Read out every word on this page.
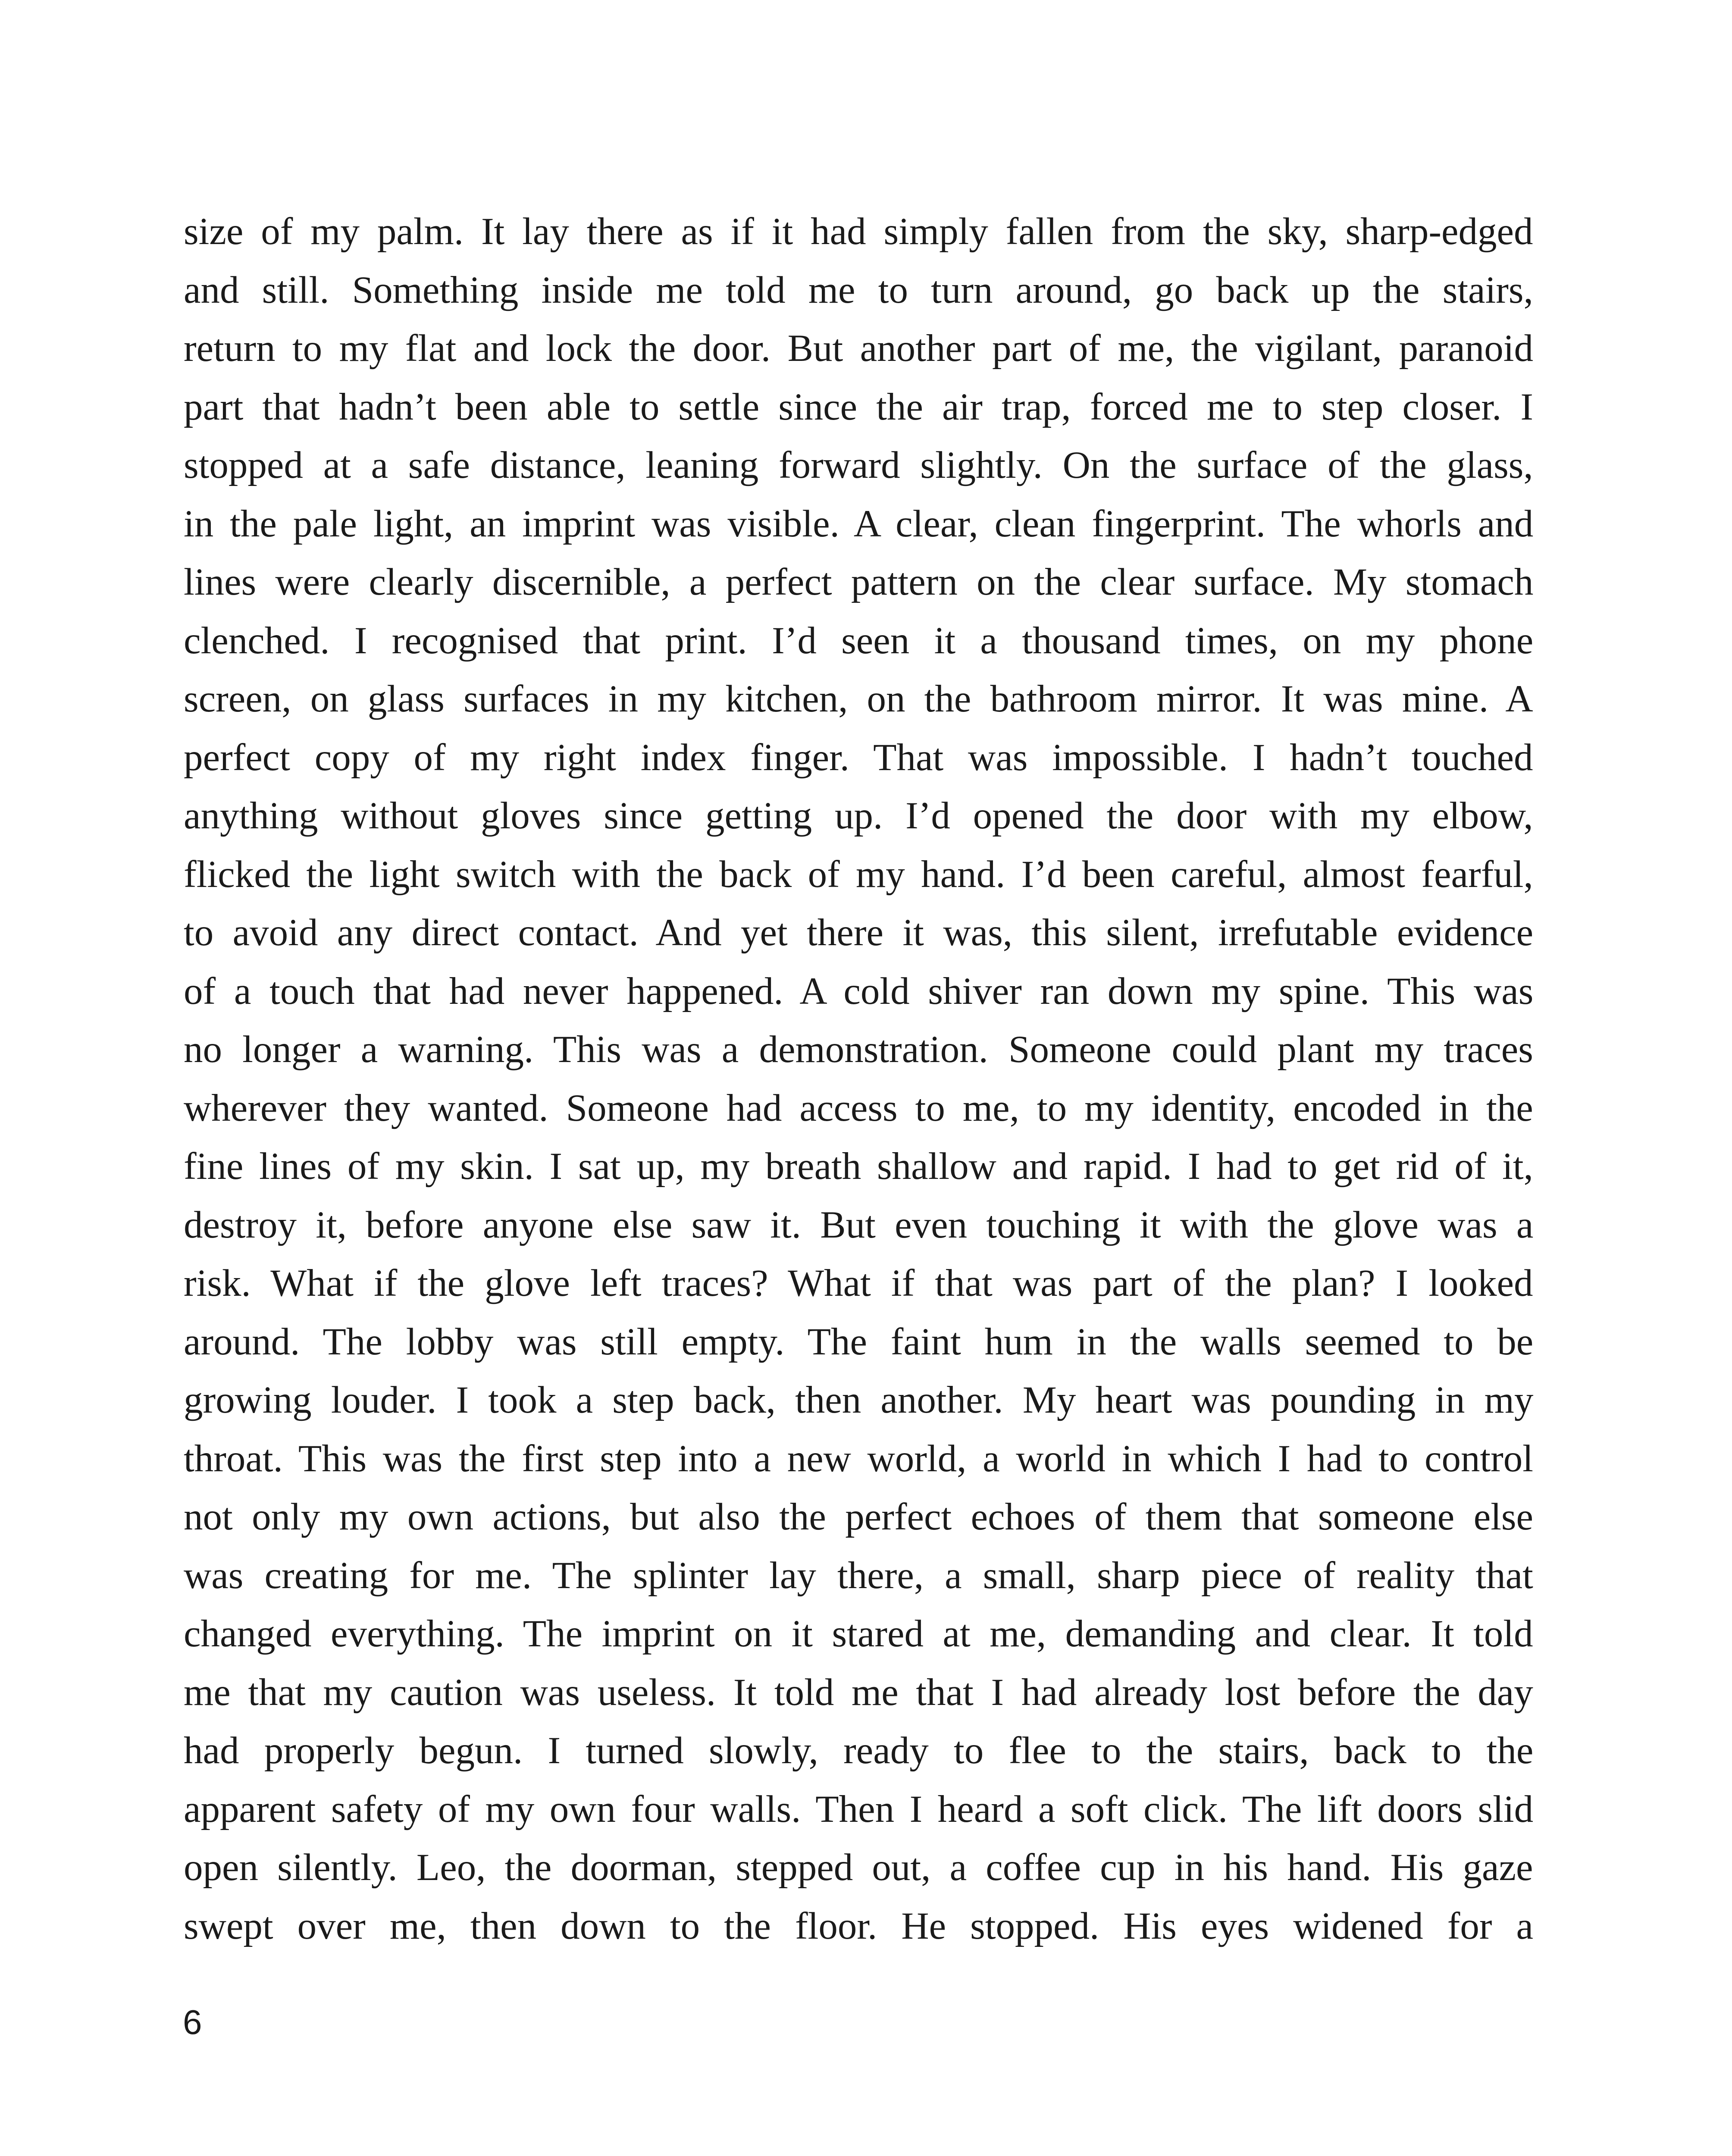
size of my palm. It lay there as if it had simply fallen from the sky, sharp-edged
and still. Something inside me told me to turn around, go back up the stairs,
return to my flat and lock the door. But another part of me, the vigilant, paranoid
part that hadn’t been able to settle since the air trap, forced me to step closer. I
stopped at a safe distance, leaning forward slightly. On the surface of the glass,
in the pale light, an imprint was visible. A clear, clean fingerprint. The whorls and
lines were clearly discernible, a perfect pattern on the clear surface. My stomach
clenched. I recognised that print. I’d seen it a thousand times, on my phone
screen, on glass surfaces in my kitchen, on the bathroom mirror. It was mine. A
perfect copy of my right index finger. That was impossible. I hadn’t touched
anything without gloves since getting up. I’d opened the door with my elbow,
flicked the light switch with the back of my hand. I’d been careful, almost fearful,
to avoid any direct contact. And yet there it was, this silent, irrefutable evidence
of a touch that had never happened. A cold shiver ran down my spine. This was
no longer a warning. This was a demonstration. Someone could plant my traces
wherever they wanted. Someone had access to me, to my identity, encoded in the
fine lines of my skin. I sat up, my breath shallow and rapid. I had to get rid of it,
destroy it, before anyone else saw it. But even touching it with the glove was a
risk. What if the glove left traces? What if that was part of the plan? I looked
around. The lobby was still empty. The faint hum in the walls seemed to be
growing louder. I took a step back, then another. My heart was pounding in my
throat. This was the first step into a new world, a world in which I had to control
not only my own actions, but also the perfect echoes of them that someone else
was creating for me. The splinter lay there, a small, sharp piece of reality that
changed everything. The imprint on it stared at me, demanding and clear. It told
me that my caution was useless. It told me that I had already lost before the day
had properly begun. I turned slowly, ready to flee to the stairs, back to the
apparent safety of my own four walls. Then I heard a soft click. The lift doors slid
open silently. Leo, the doorman, stepped out, a coffee cup in his hand. His gaze
swept over me, then down to the floor. He stopped. His eyes widened for a
6
